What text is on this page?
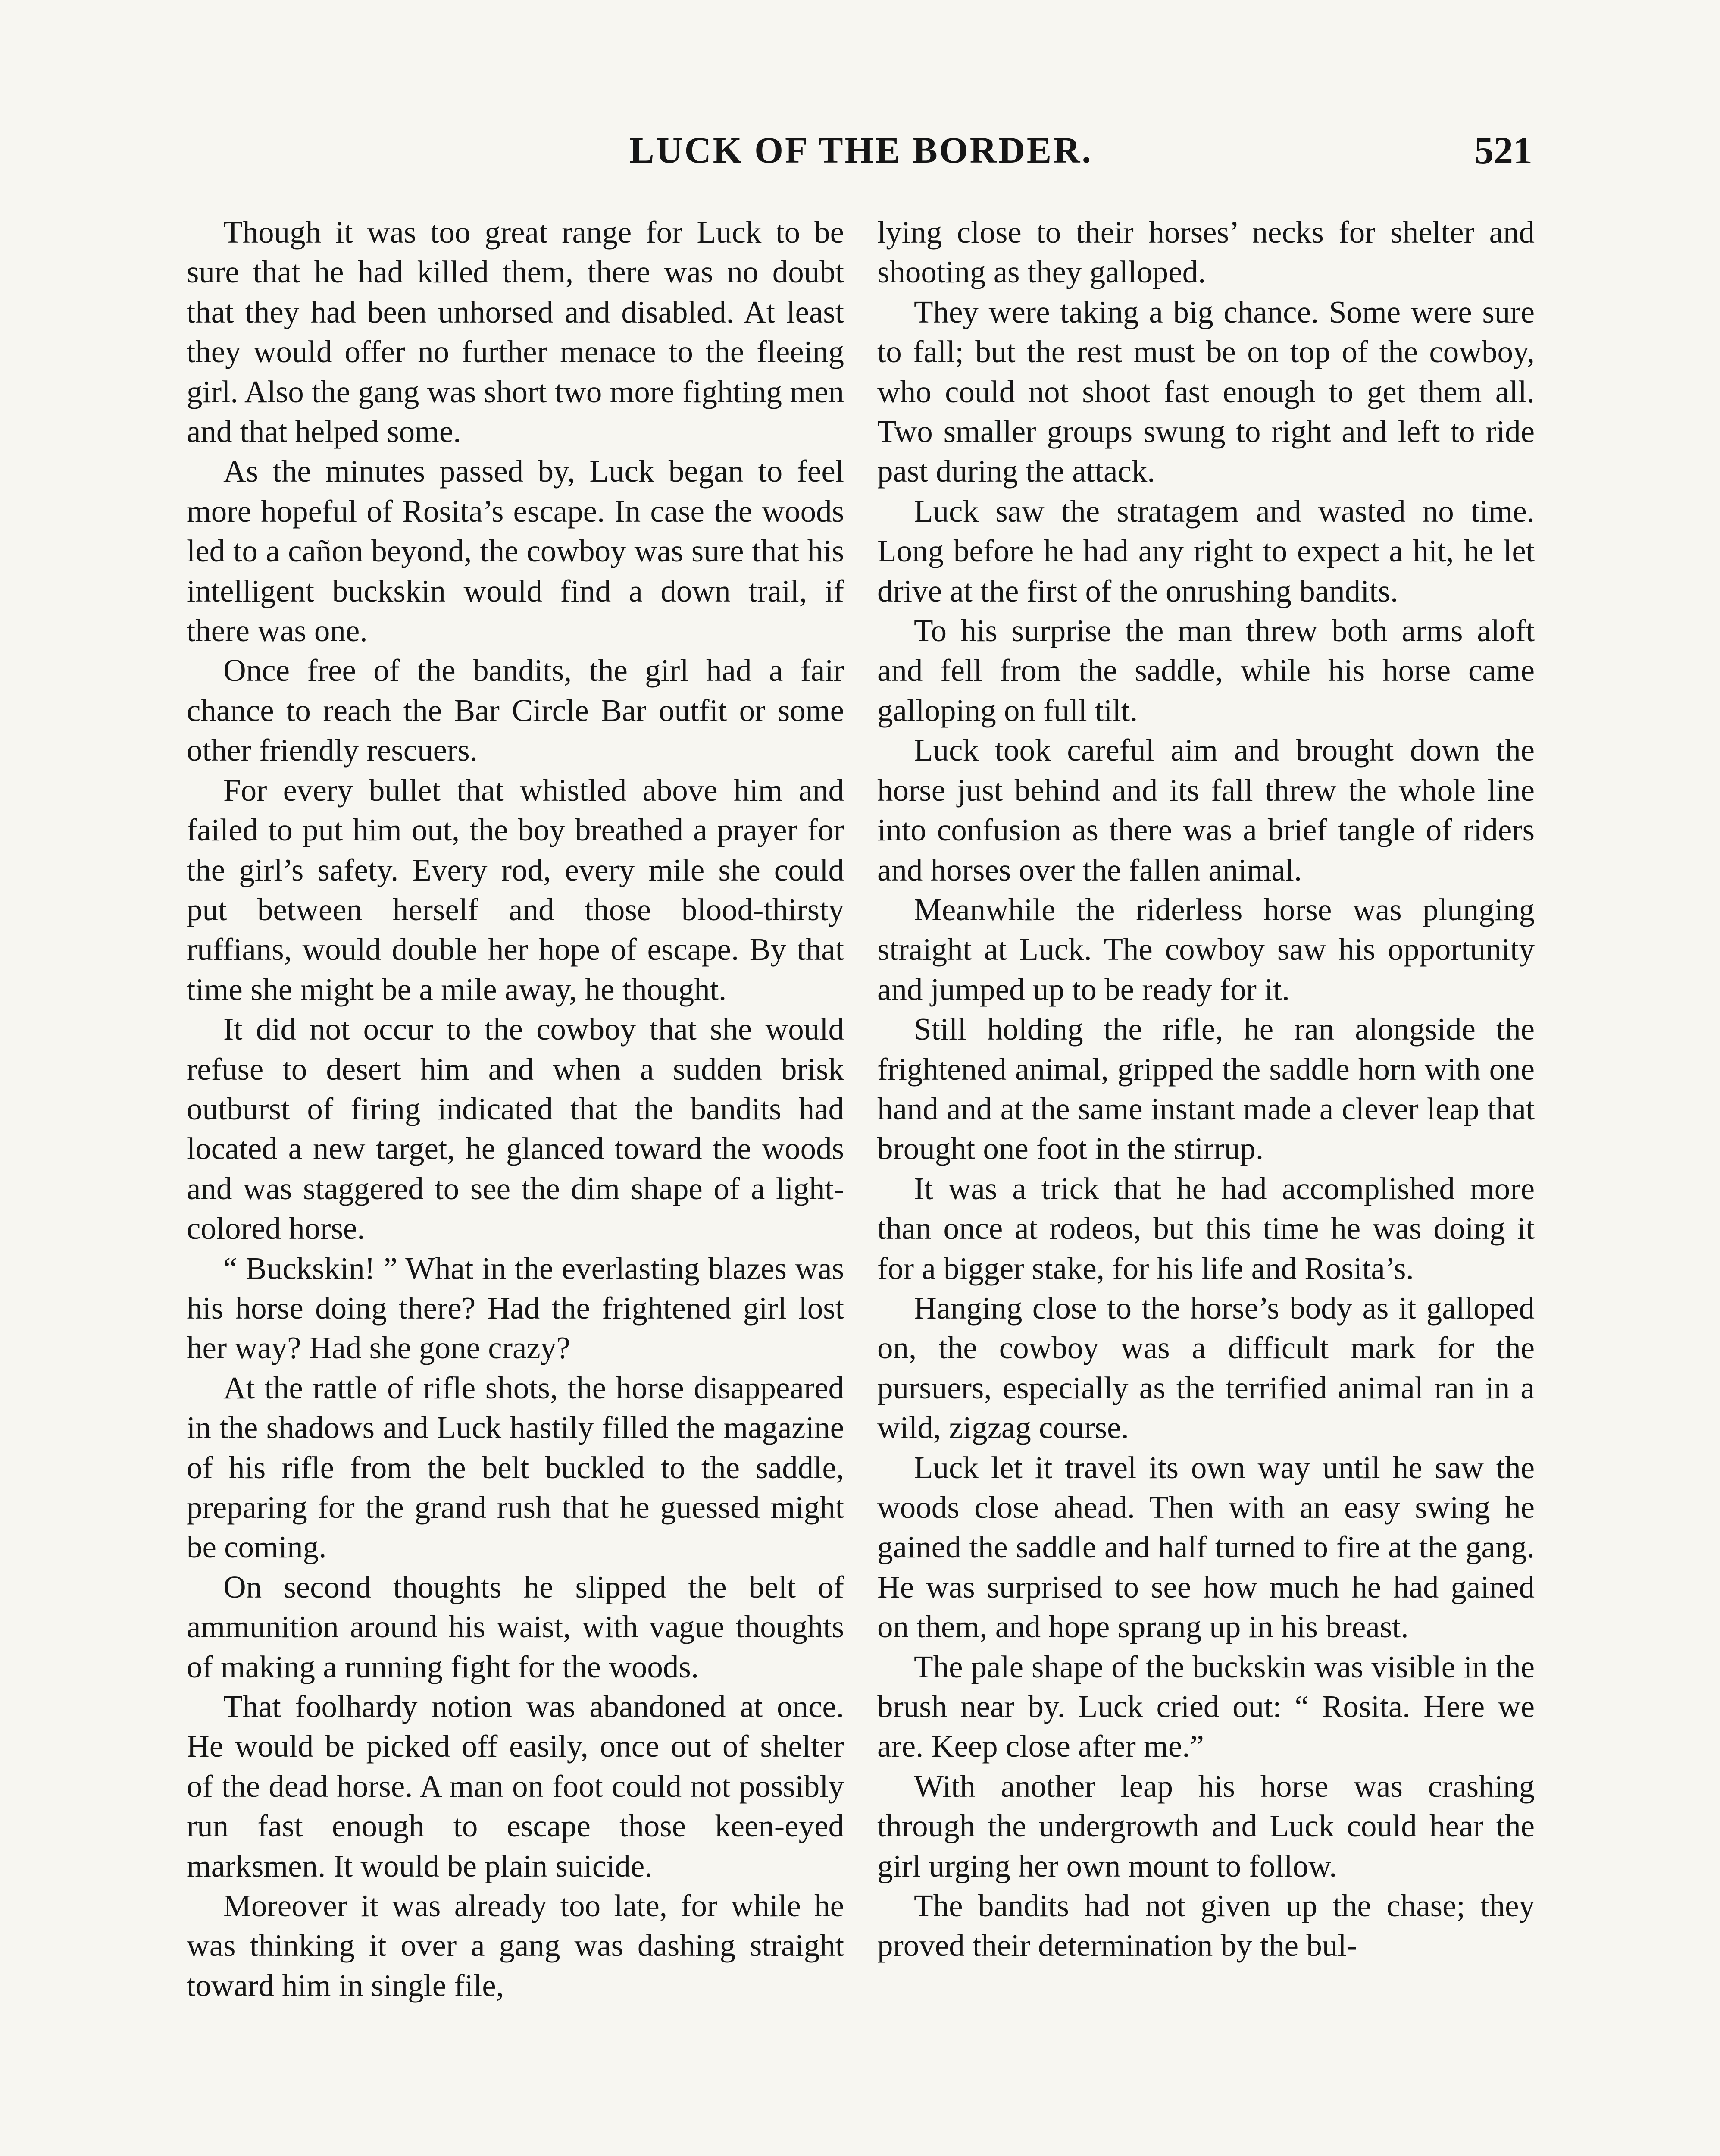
LUCK OF THE BORDER.	521

Though it was too great range for Luck to be sure that he had killed them, there was no doubt that they had been unhorsed and disabled. At least they would offer no further menace to the fleeing girl. Also the gang was short two more fighting men and that helped some.

As the minutes passed by, Luck began to feel more hopeful of Rosita’s escape. In case the woods led to a cañon beyond, the cowboy was sure that his intelligent buckskin would find a down trail, if there was one.

Once free of the bandits, the girl had a fair chance to reach the Bar Circle Bar outfit or some other friendly rescuers.

For every bullet that whistled above him and failed to put him out, the boy breathed a prayer for the girl’s safety. Every rod, every mile she could put between herself and those blood-thirsty ruffians, would double her hope of escape. By that time she might be a mile away, he thought.

It did not occur to the cowboy that she would refuse to desert him and when a sudden brisk outburst of firing indicated that the bandits had located a new target, he glanced toward the woods and was staggered to see the dim shape of a light-colored horse.

“ Buckskin! ” What in the everlasting blazes was his horse doing there? Had the frightened girl lost her way? Had she gone crazy?

At the rattle of rifle shots, the horse disappeared in the shadows and Luck hastily filled the magazine of his rifle from the belt buckled to the saddle, preparing for the grand rush that he guessed might be coming.

On second thoughts he slipped the belt of ammunition around his waist, with vague thoughts of making a running fight for the woods.

That foolhardy notion was abandoned at once. He would be picked off easily, once out of shelter of the dead horse. A man on foot could not possibly run fast enough to escape those keen-eyed marksmen. It would be plain suicide.

Moreover it was already too late, for while he was thinking it over a gang was dashing straight toward him in single file,

lying close to their horses’ necks for shelter and shooting as they galloped.

They were taking a big chance. Some were sure to fall; but the rest must be on top of the cowboy, who could not shoot fast enough to get them all. Two smaller groups swung to right and left to ride past during the attack.

Luck saw the stratagem and wasted no time. Long before he had any right to expect a hit, he let drive at the first of the onrushing bandits.

To his surprise the man threw both arms aloft and fell from the saddle, while his horse came galloping on full tilt.

Luck took careful aim and brought down the horse just behind and its fall threw the whole line into confusion as there was a brief tangle of riders and horses over the fallen animal.

Meanwhile the riderless horse was plunging straight at Luck. The cowboy saw his opportunity and jumped up to be ready for it.

Still holding the rifle, he ran alongside the frightened animal, gripped the saddle horn with one hand and at the same instant made a clever leap that brought one foot in the stirrup.

It was a trick that he had accomplished more than once at rodeos, but this time he was doing it for a bigger stake, for his life and Rosita’s.

Hanging close to the horse’s body as it galloped on, the cowboy was a difficult mark for the pursuers, especially as the terrified animal ran in a wild, zigzag course.

Luck let it travel its own way until he saw the woods close ahead. Then with an easy swing he gained the saddle and half turned to fire at the gang. He was surprised to see how much he had gained on them, and hope sprang up in his breast.

The pale shape of the buckskin was visible in the brush near by. Luck cried out: “ Rosita. Here we are. Keep close after me.”

With another leap his horse was crashing through the undergrowth and Luck could hear the girl urging her own mount to follow.

The bandits had not given up the chase; they proved their determination by the bul-
